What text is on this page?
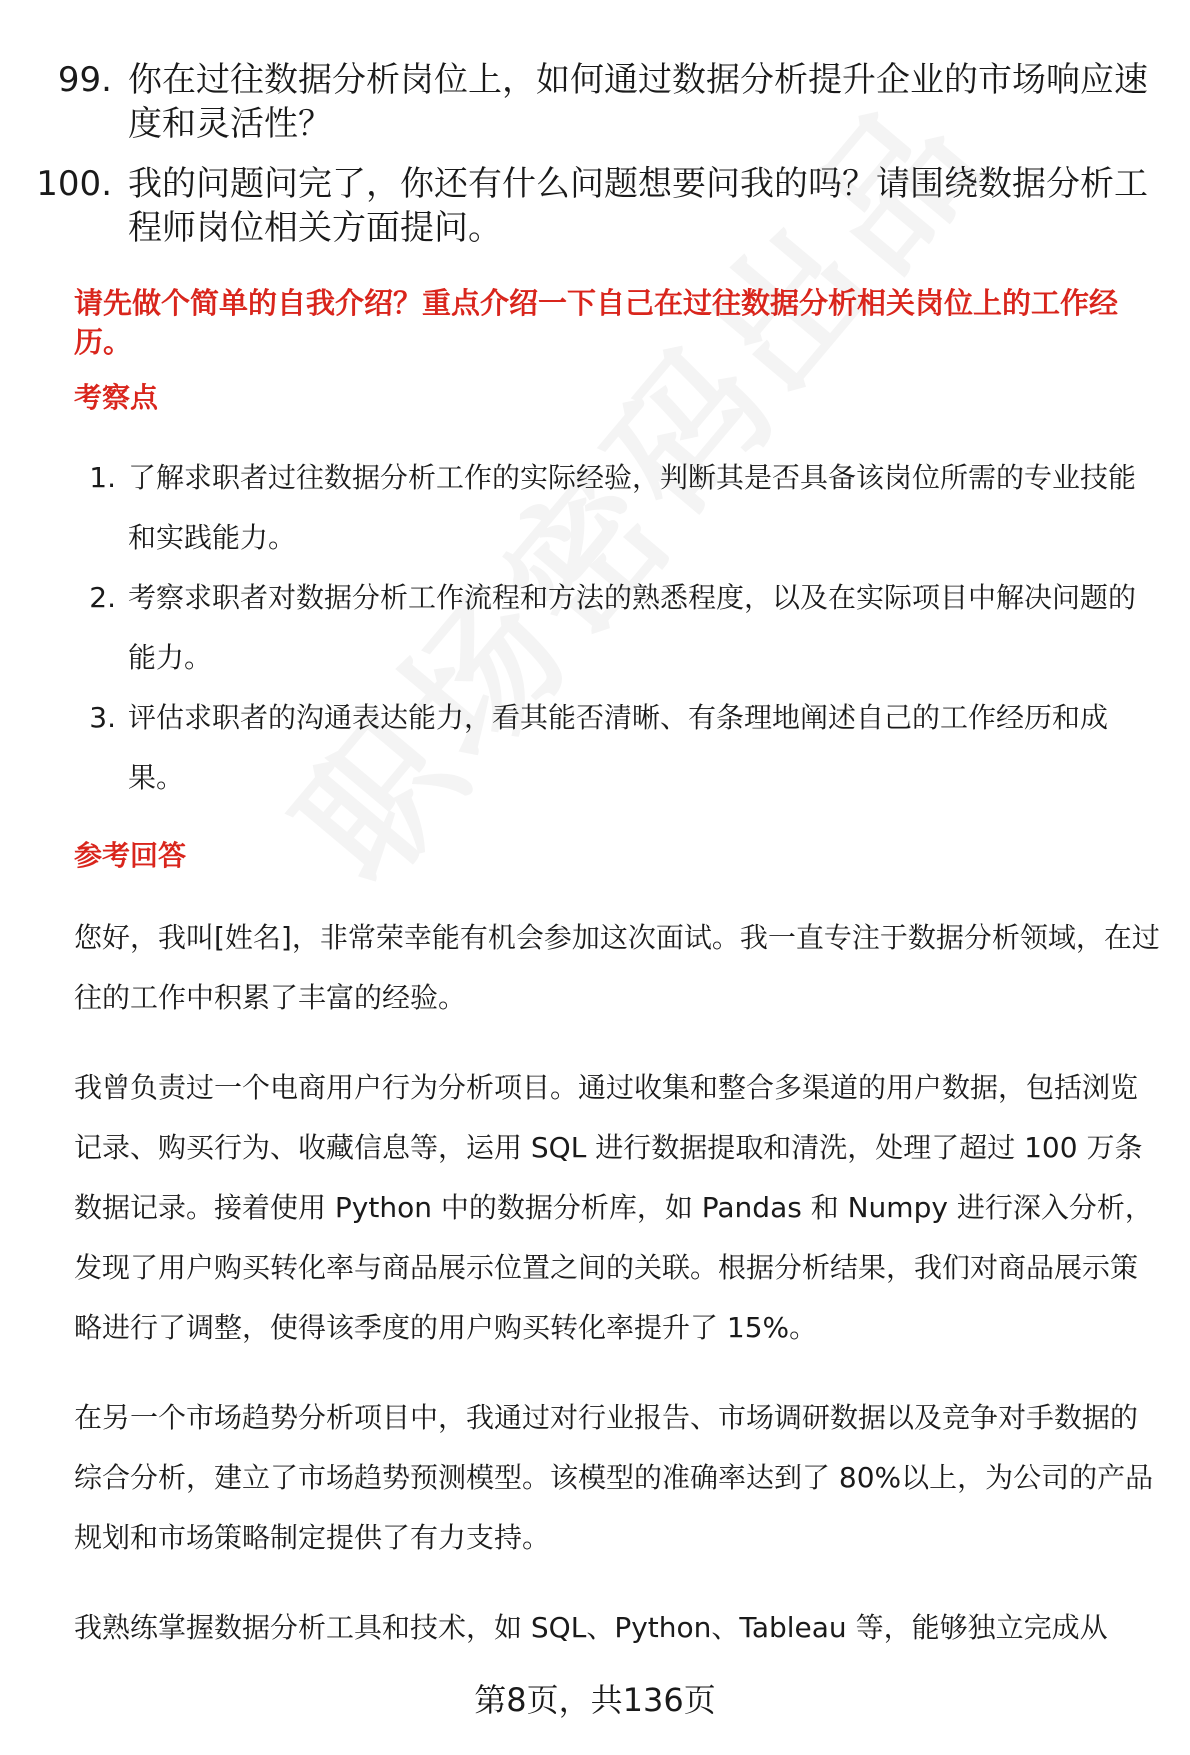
99. 你在过往数据分析岗位上，如何通过数据分析提升企业的市场响应速度和灵活性？
100. 我的问题问完了，你还有什么问题想要问我的吗？请围绕数据分析工程师岗位相关方面提问。
请先做个简单的自我介绍？重点介绍一下自己在过往数据分析相关岗位上的工作经历。
考察点
1. 了解求职者过往数据分析工作的实际经验，判断其是否具备该岗位所需的专业技能和实践能力。
2. 考察求职者对数据分析工作流程和方法的熟悉程度，以及在实际项目中解决问题的能力。
3. 评估求职者的沟通表达能力，看其能否清晰、有条理地阐述自己的工作经历和成果。
参考回答
您好，我叫[姓名]，非常荣幸能有机会参加这次面试。我一直专注于数据分析领域，在过往的工作中积累了丰富的经验。
我曾负责过一个电商用户行为分析项目。通过收集和整合多渠道的用户数据，包括浏览记录、购买行为、收藏信息等，运用 SQL 进行数据提取和清洗，处理了超过 100 万条数据记录。接着使用 Python 中的数据分析库，如 Pandas 和 Numpy 进行深入分析，发现了用户购买转化率与商品展示位置之间的关联。根据分析结果，我们对商品展示策略进行了调整，使得该季度的用户购买转化率提升了 15%。
在另一个市场趋势分析项目中，我通过对行业报告、市场调研数据以及竞争对手数据的综合分析，建立了市场趋势预测模型。该模型的准确率达到了 80%以上，为公司的产品规划和市场策略制定提供了有力支持。
我熟练掌握数据分析工具和技术，如 SQL、Python、Tableau 等，能够独立完成从
第8页，共136页
